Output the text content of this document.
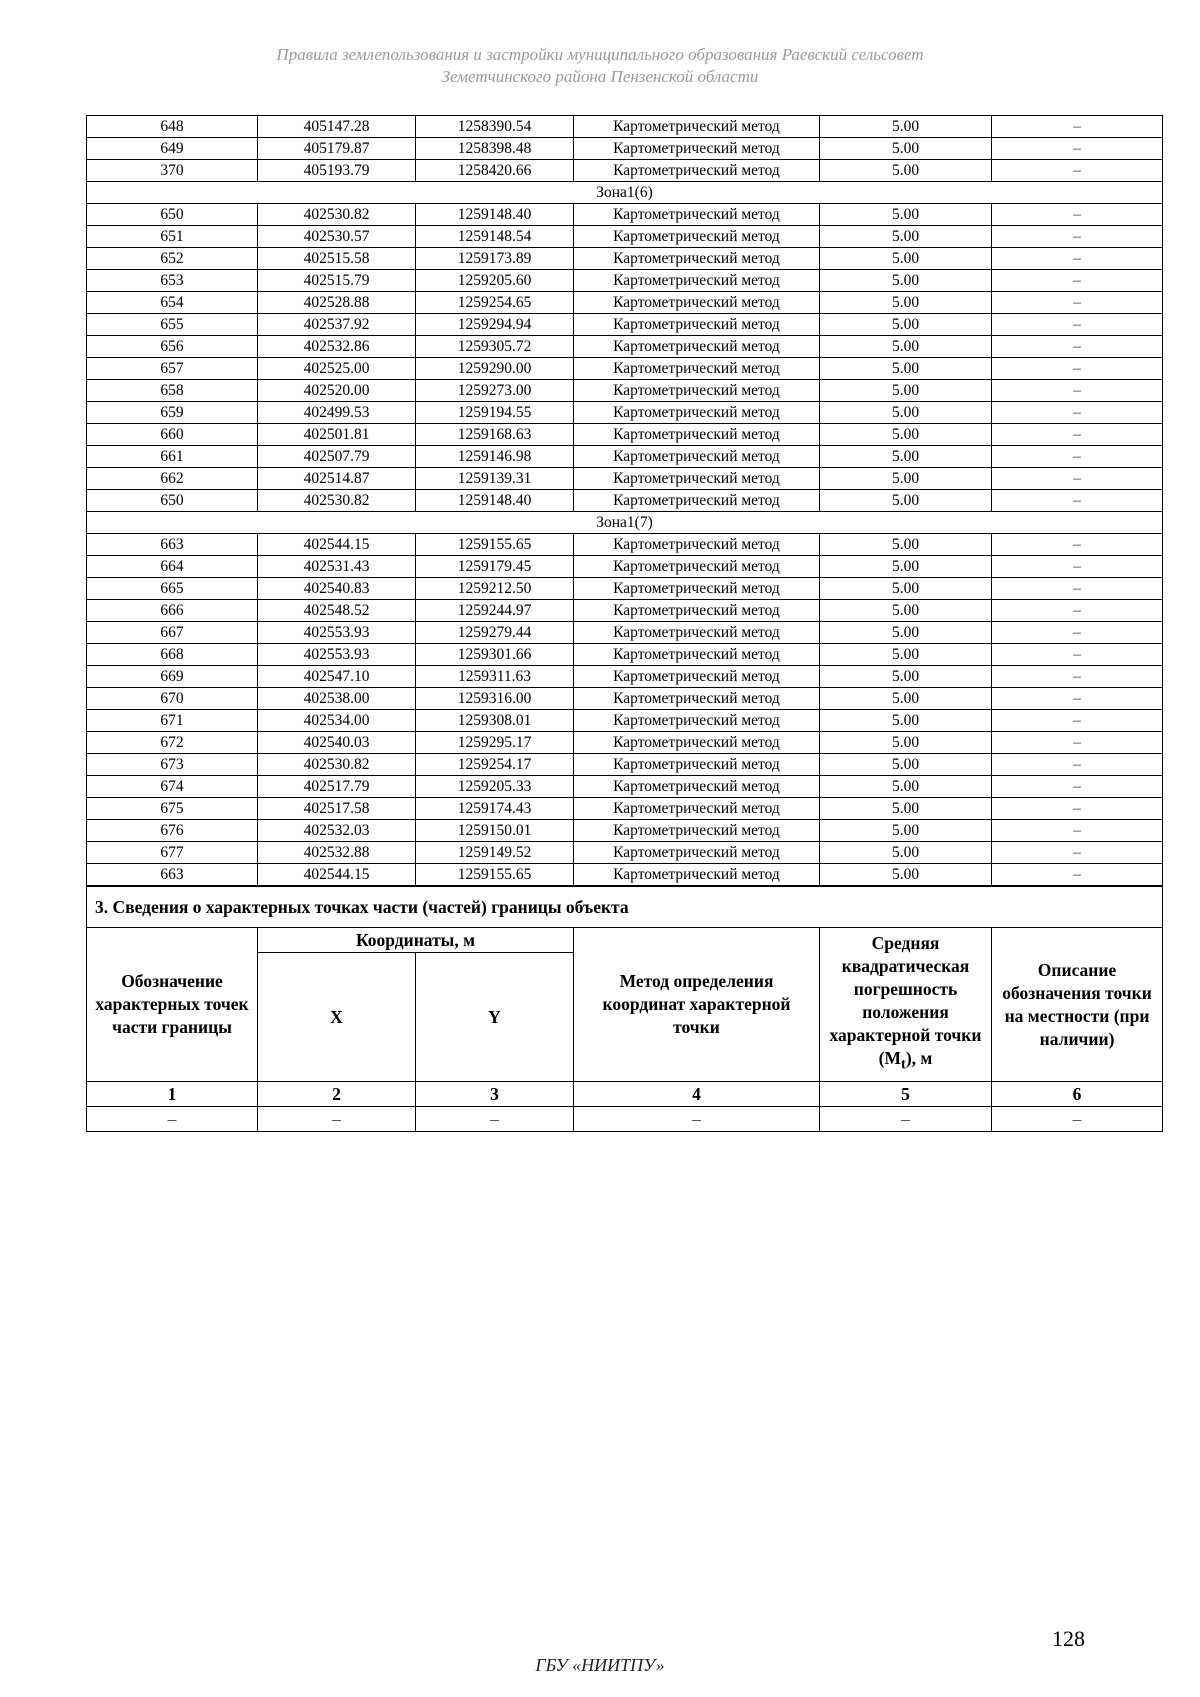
Правила землепользования и застройки муниципального образования Раевский сельсовет
Земетчинского района Пензенской области
648	405147.28	1258390.54	Картометрический метод	5.00	–
649	405179.87	1258398.48	Картометрический метод	5.00	–
370	405193.79	1258420.66	Картометрический метод	5.00	–
Зона1(6)					
650	402530.82	1259148.40	Картометрический метод	5.00	–
651	402530.57	1259148.54	Картометрический метод	5.00	–
652	402515.58	1259173.89	Картометрический метод	5.00	–
653	402515.79	1259205.60	Картометрический метод	5.00	–
654	402528.88	1259254.65	Картометрический метод	5.00	–
655	402537.92	1259294.94	Картометрический метод	5.00	–
656	402532.86	1259305.72	Картометрический метод	5.00	–
657	402525.00	1259290.00	Картометрический метод	5.00	–
658	402520.00	1259273.00	Картометрический метод	5.00	–
659	402499.53	1259194.55	Картометрический метод	5.00	–
660	402501.81	1259168.63	Картометрический метод	5.00	–
661	402507.79	1259146.98	Картометрический метод	5.00	–
662	402514.87	1259139.31	Картометрический метод	5.00	–
650	402530.82	1259148.40	Картометрический метод	5.00	–
Зона1(7)					
663	402544.15	1259155.65	Картометрический метод	5.00	–
664	402531.43	1259179.45	Картометрический метод	5.00	–
665	402540.83	1259212.50	Картометрический метод	5.00	–
666	402548.52	1259244.97	Картометрический метод	5.00	–
667	402553.93	1259279.44	Картометрический метод	5.00	–
668	402553.93	1259301.66	Картометрический метод	5.00	–
669	402547.10	1259311.63	Картометрический метод	5.00	–
670	402538.00	1259316.00	Картометрический метод	5.00	–
671	402534.00	1259308.01	Картометрический метод	5.00	–
672	402540.03	1259295.17	Картометрический метод	5.00	–
673	402530.82	1259254.17	Картометрический метод	5.00	–
674	402517.79	1259205.33	Картометрический метод	5.00	–
675	402517.58	1259174.43	Картометрический метод	5.00	–
676	402532.03	1259150.01	Картометрический метод	5.00	–
677	402532.88	1259149.52	Картометрический метод	5.00	–
663	402544.15	1259155.65	Картометрический метод	5.00	–
3. Сведения о характерных точках части (частей) границы объекта					
Обозначение характерных точек части границы	Координаты, м		Метод определения координат характерной точки	Средняя квадратическая погрешность положения характерной точки $(M_t)$, м	Описание обозначения точки на местности (при наличии)
	X	Y			
1	2	3	4	5	6
–	–	–	–	–	–
128
ГБУ «НИИТПУ»
